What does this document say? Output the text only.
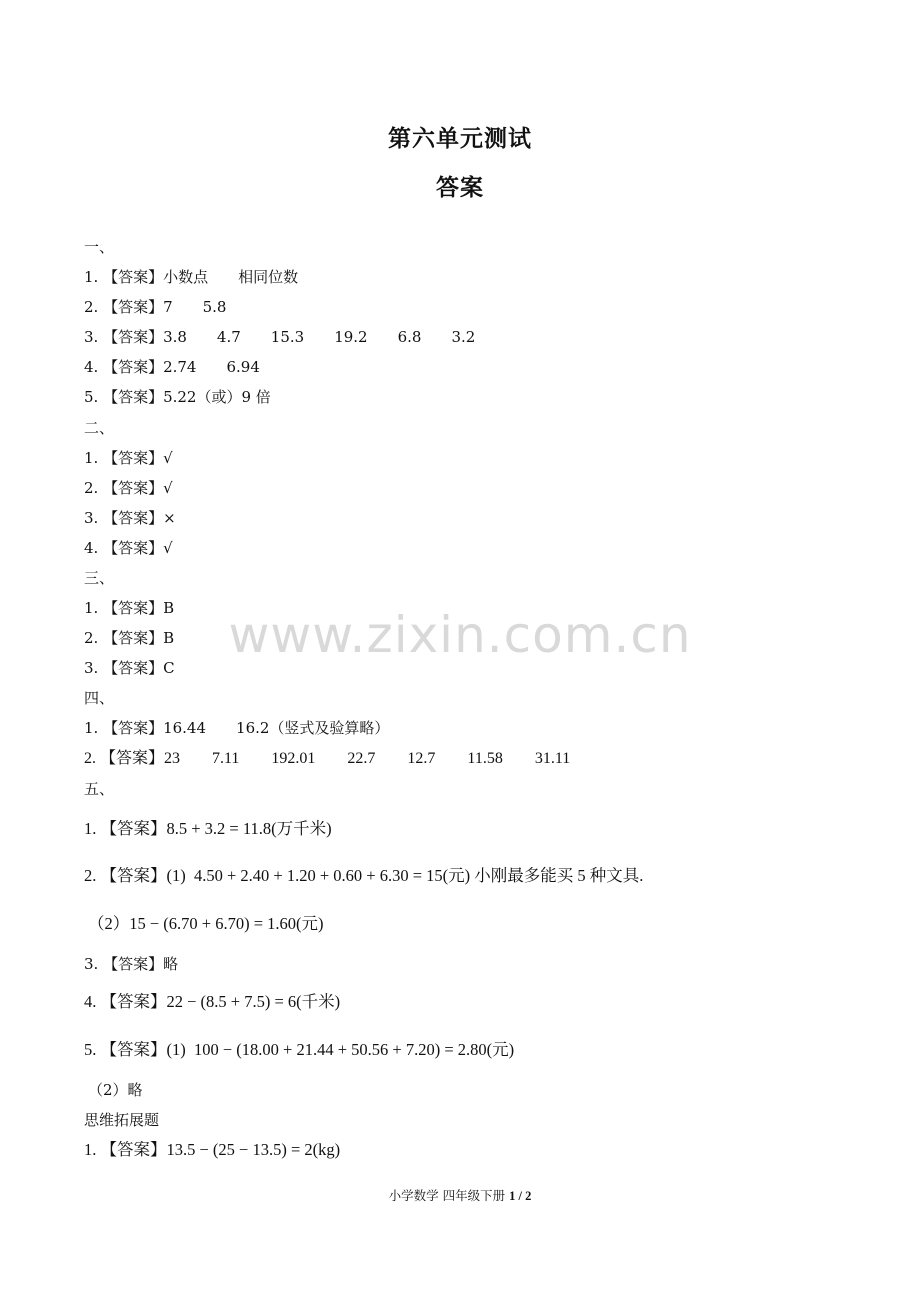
第六单元测试
答案
www.zixin.com.cn
一、
1. 【答案】小数点　　相同位数
2. 【答案】7　　5.8
3. 【答案】3.8　　4.7　　15.3　　19.2　　6.8　　3.2
4. 【答案】2.74　　6.94
5. 【答案】5.22（或）9 倍
二、
1. 【答案】√
2. 【答案】√
3. 【答案】×
4. 【答案】√
三、
1. 【答案】B
2. 【答案】B
3. 【答案】C
四、
1. 【答案】16.44　　16.2（竖式及验算略）
2. 【答案】23　　7.11　　192.01　　22.7　　12.7　　11.58　　31.11
五、
1. 【答案】8.5 + 3.2 = 11.8(万千米)
2. 【答案】(1)  4.50 + 2.40 + 1.20 + 0.60 + 6.30 = 15(元) 小刚最多能买 5 种文具.
（2）15 − (6.70 + 6.70) = 1.60(元)
3. 【答案】略
4. 【答案】22 − (8.5 + 7.5) = 6(千米)
5. 【答案】(1)  100 − (18.00 + 21.44 + 50.56 + 7.20) = 2.80(元)
（2）略
思维拓展题
1. 【答案】13.5 − (25 − 13.5) = 2(kg)
小学数学 四年级下册 1 / 2
